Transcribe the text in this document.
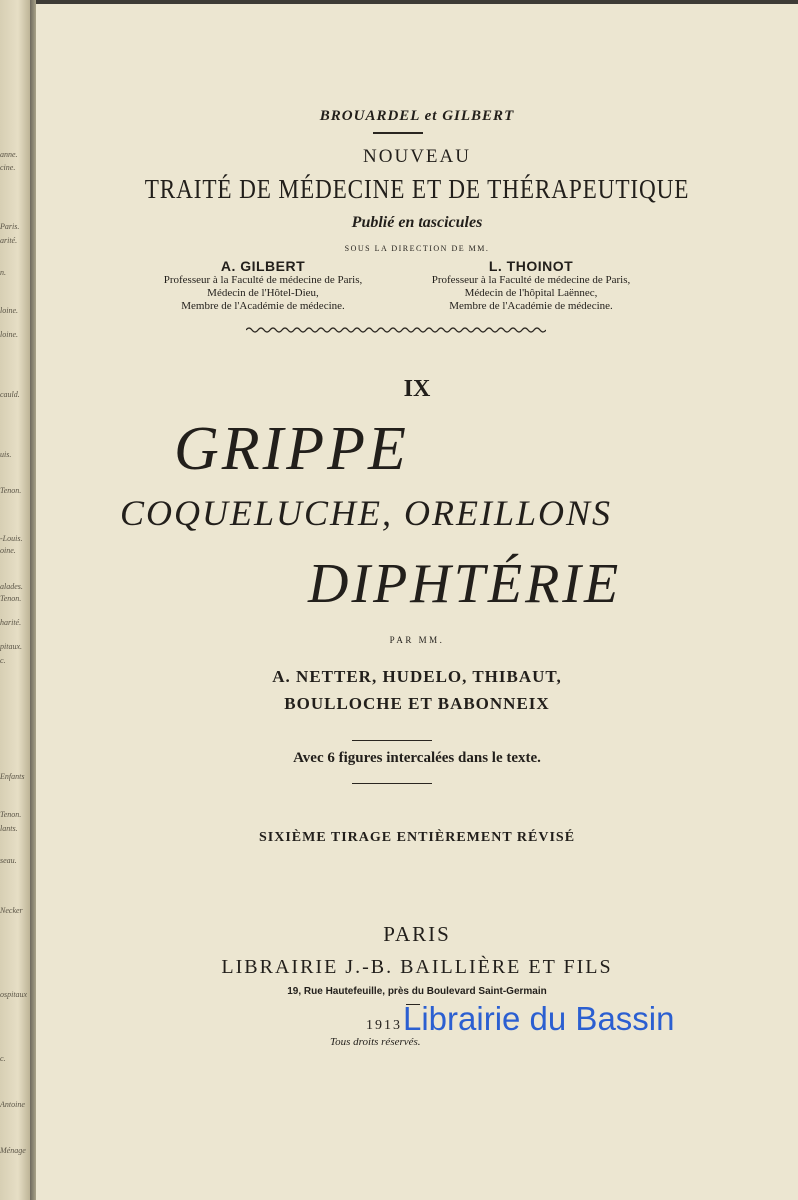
anne.
cine.
Paris.
arité.
n.
loine.
loine.
cauld.
uis.
Tenon.
-Louis.
oine.
alades.
Tenon.
harité.
pitaux.
c.
Enfants
Tenon.
lants.
seau.
Necker
ospitaux
c.
Antoine
Ménage
BROUARDEL et GILBERT
NOUVEAU
TRAITÉ DE MÉDECINE ET DE THÉRAPEUTIQUE
Publié en tascicules
SOUS LA DIRECTION DE MM.
A. GILBERT
Professeur à la Faculté de médecine de Paris,
Médecin de l'Hôtel-Dieu,
Membre de l'Académie de médecine.
L. THOINOT
Professeur à la Faculté de médecine de Paris,
Médecin de l'hôpital Laënnec,
Membre de l'Académie de médecine.
IX
GRIPPE
COQUELUCHE, OREILLONS
DIPHTÉRIE
PAR MM.
A. NETTER, HUDELO, THIBAUT,
BOULLOCHE ET BABONNEIX
Avec 6 figures intercalées dans le texte.
SIXIÈME TIRAGE ENTIÈREMENT RÉVISÉ
PARIS
LIBRAIRIE J.-B. BAILLIÈRE ET FILS
19, Rue Hautefeuille, près du Boulevard Saint-Germain
1913
Tous droits réservés.
Librairie du Bassin
